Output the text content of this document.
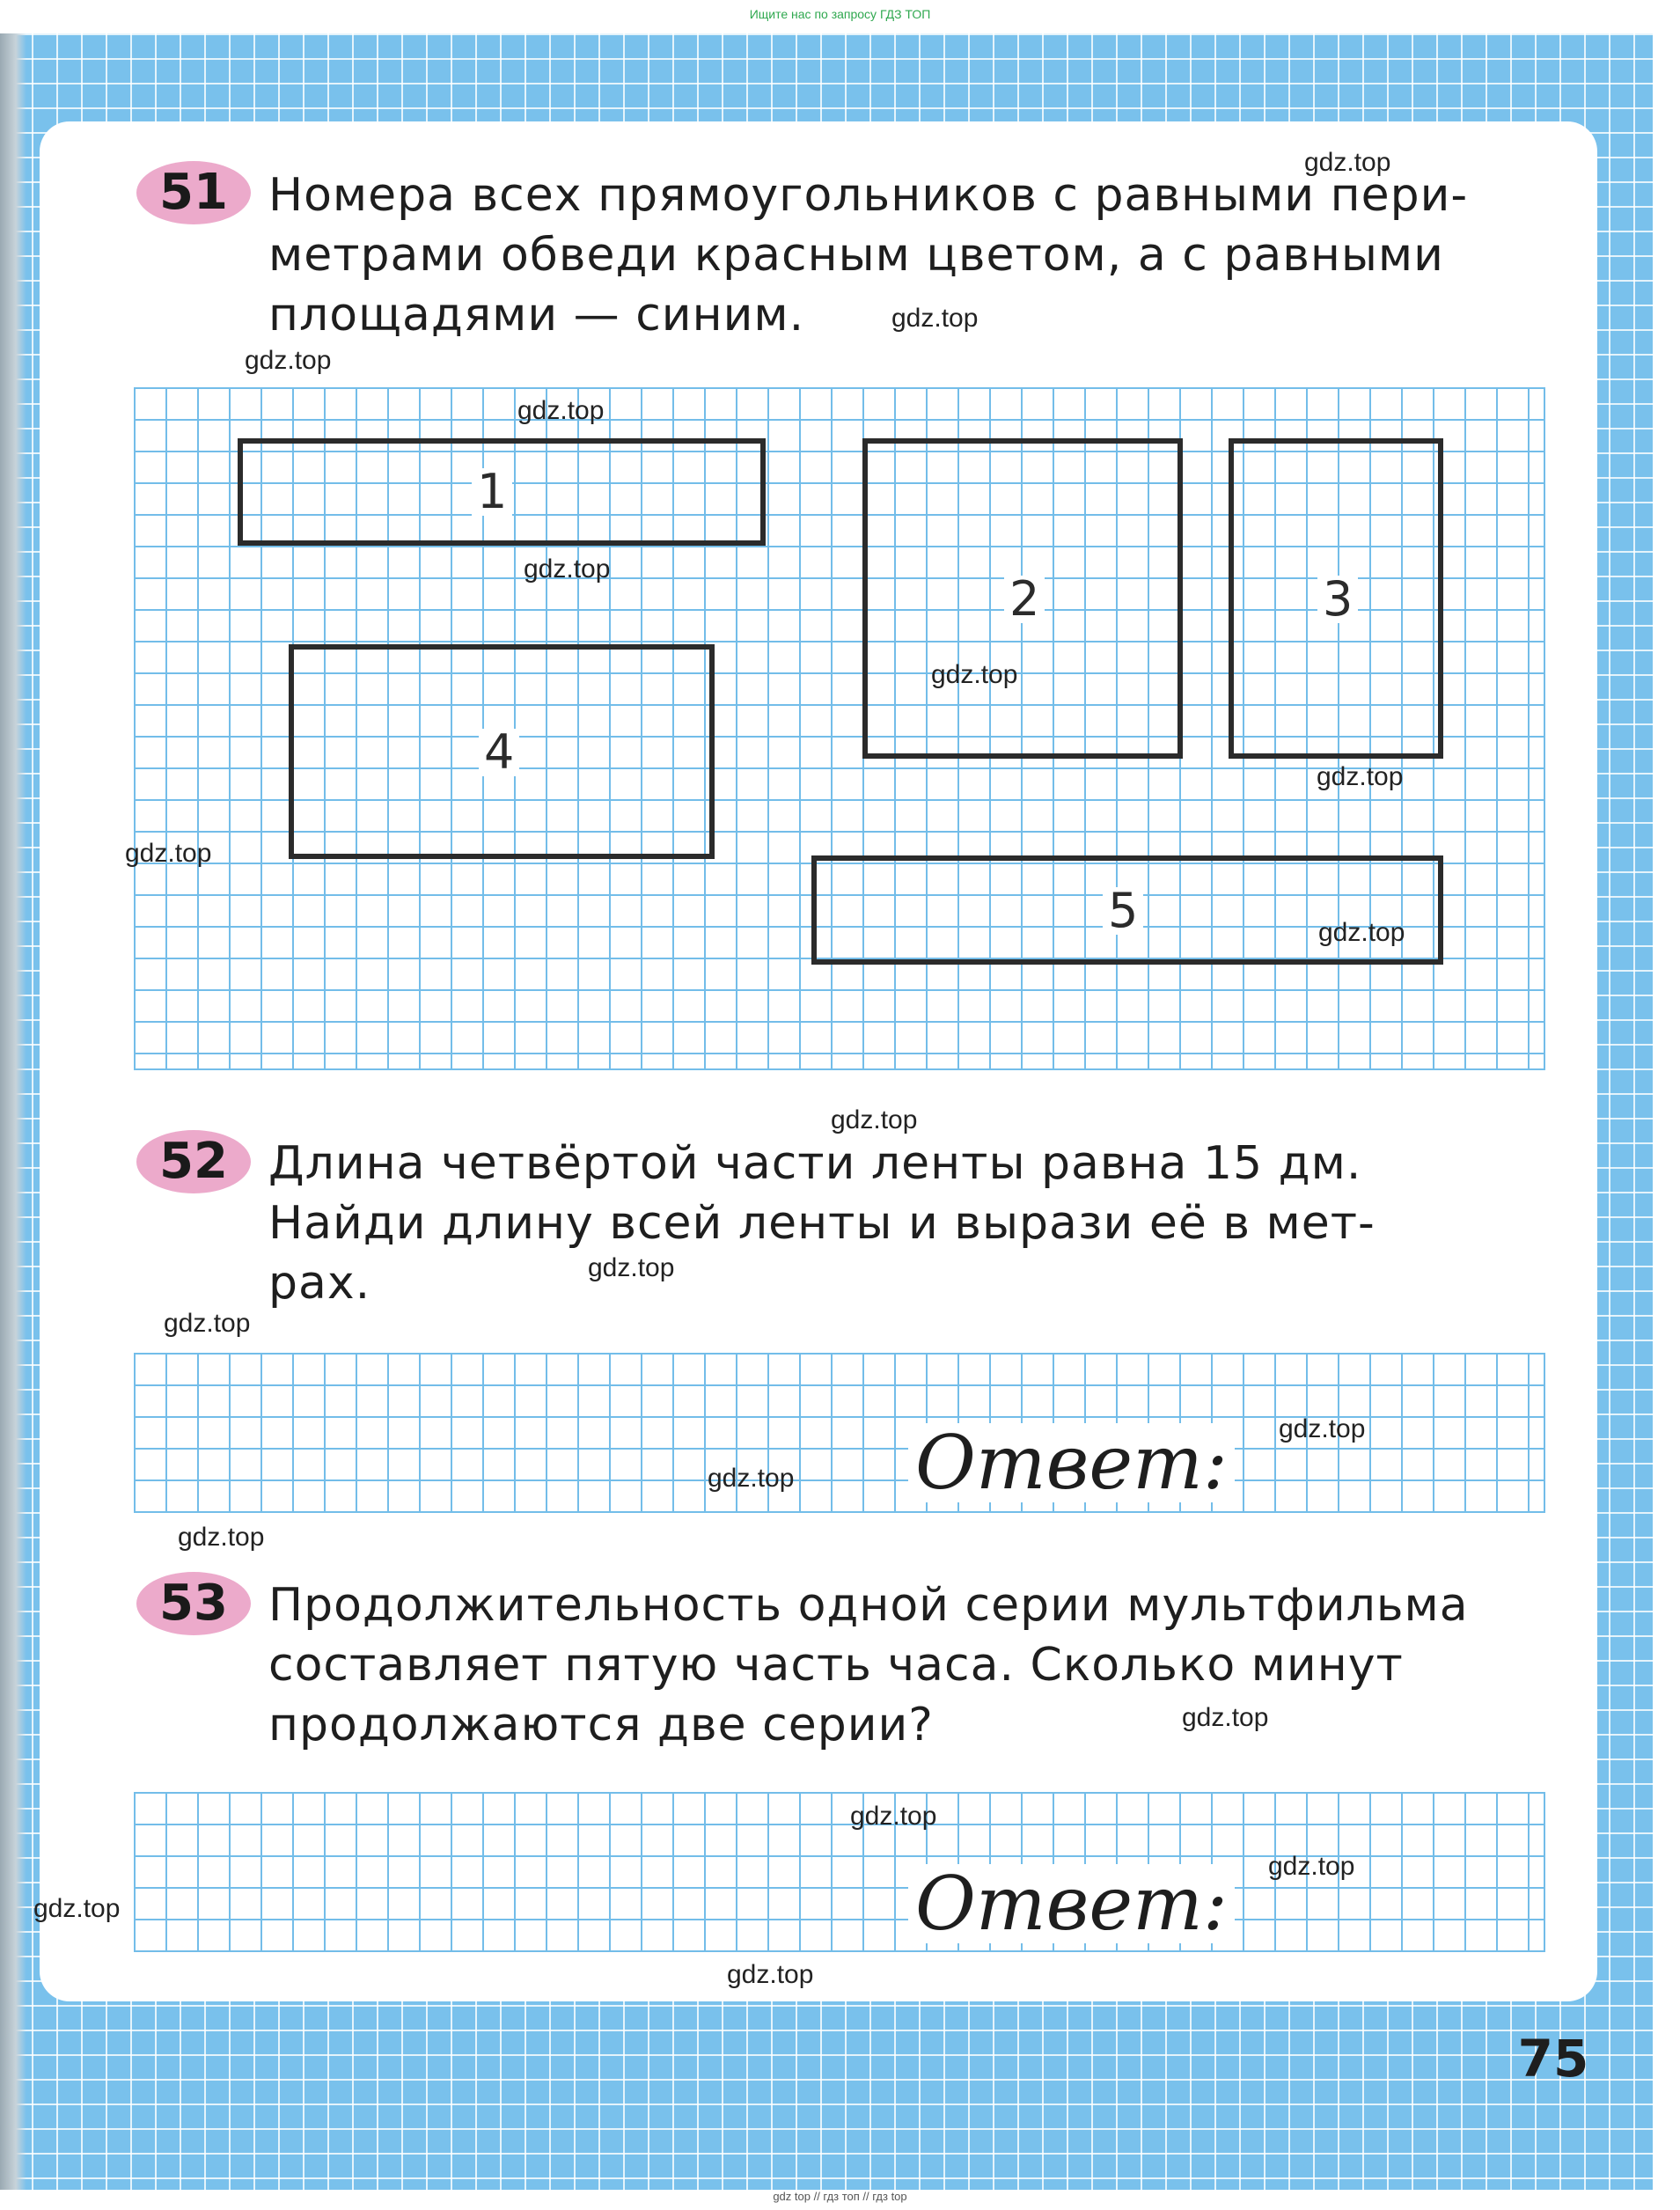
Ищите нас по запросу ГДЗ ТОП
51 Номера всех прямоугольников с равными пери-
метрами обведи красным цветом, а с равными
площадями — синим.
1
2	3
4
5
52 Длина четвёртой части ленты равна 15 дм.
Найди длину всей ленты и вырази её в мет-
рах.
Ответ:
53 Продолжительность одной серии мультфильма
составляет пятую часть часа. Сколько минут
продолжаются две серии?
Ответ:
75
gdz.top
gdz.top
gdz.top
gdz.top
gdz.top
gdz.top
gdz.top
gdz.top
gdz.top
gdz.top
gdz.top
gdz.top
gdz.top
gdz.top
gdz.top
gdz.top
gdz.top
gdz.top
gdz.top
gdz.top
gdz top // гдз топ // гдз top
